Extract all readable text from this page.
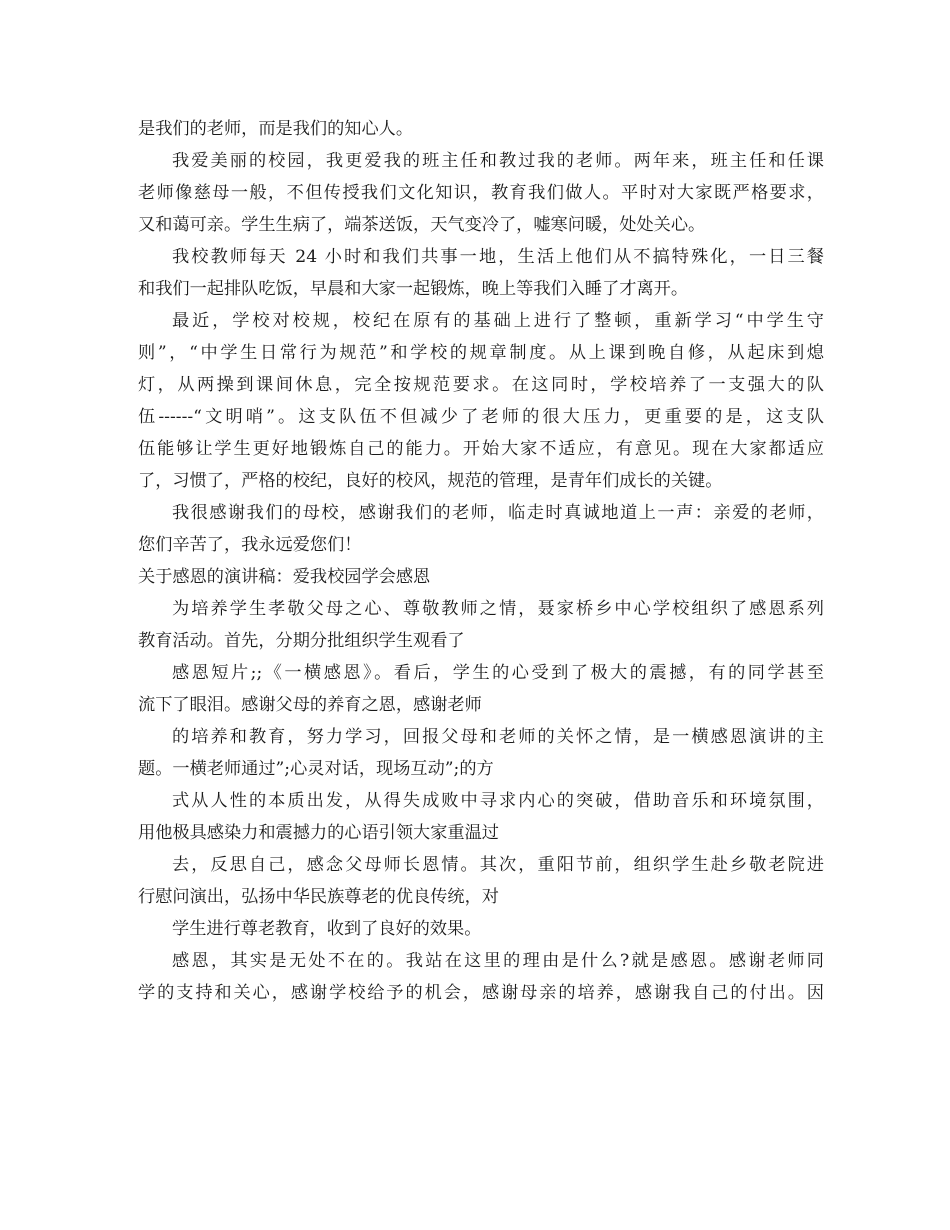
是我们的老师，而是我们的知心人。
我爱美丽的校园，我更爱我的班主任和教过我的老师。两年来，班主任和任课
老师像慈母一般，不但传授我们文化知识，教育我们做人。平时对大家既严格要求，
又和蔼可亲。学生生病了，端茶送饭，天气变冷了，嘘寒问暖，处处关心。
我校教师每天 24 小时和我们共事一地，生活上他们从不搞特殊化，一日三餐
和我们一起排队吃饭，早晨和大家一起锻炼，晚上等我们入睡了才离开。
最近，学校对校规，校纪在原有的基础上进行了整顿，重新学习“中学生守
则”，“中学生日常行为规范”和学校的规章制度。从上课到晚自修，从起床到熄
灯，从两操到课间休息，完全按规范要求。在这同时，学校培养了一支强大的队
伍------“文明哨”。这支队伍不但减少了老师的很大压力，更重要的是，这支队
伍能够让学生更好地锻炼自己的能力。开始大家不适应，有意见。现在大家都适应
了，习惯了，严格的校纪，良好的校风，规范的管理，是青年们成长的关键。
我很感谢我们的母校，感谢我们的老师，临走时真诚地道上一声：亲爱的老师，
您们辛苦了，我永远爱您们！
关于感恩的演讲稿：爱我校园学会感恩
为培养学生孝敬父母之心、尊敬教师之情，聂家桥乡中心学校组织了感恩系列
教育活动。首先，分期分批组织学生观看了
感恩短片;;《一横感恩》。看后，学生的心受到了极大的震撼，有的同学甚至
流下了眼泪。感谢父母的养育之恩，感谢老师
的培养和教育，努力学习，回报父母和老师的关怀之情，是一横感恩演讲的主
题。一横老师通过”;心灵对话，现场互动”;的方
式从人性的本质出发，从得失成败中寻求内心的突破，借助音乐和环境氛围，
用他极具感染力和震撼力的心语引领大家重温过
去，反思自己，感念父母师长恩情。其次，重阳节前，组织学生赴乡敬老院进
行慰问演出，弘扬中华民族尊老的优良传统，对
学生进行尊老教育，收到了良好的效果。
感恩，其实是无处不在的。我站在这里的理由是什么?就是感恩。感谢老师同
学的支持和关心，感谢学校给予的机会，感谢母亲的培养，感谢我自己的付出。因
